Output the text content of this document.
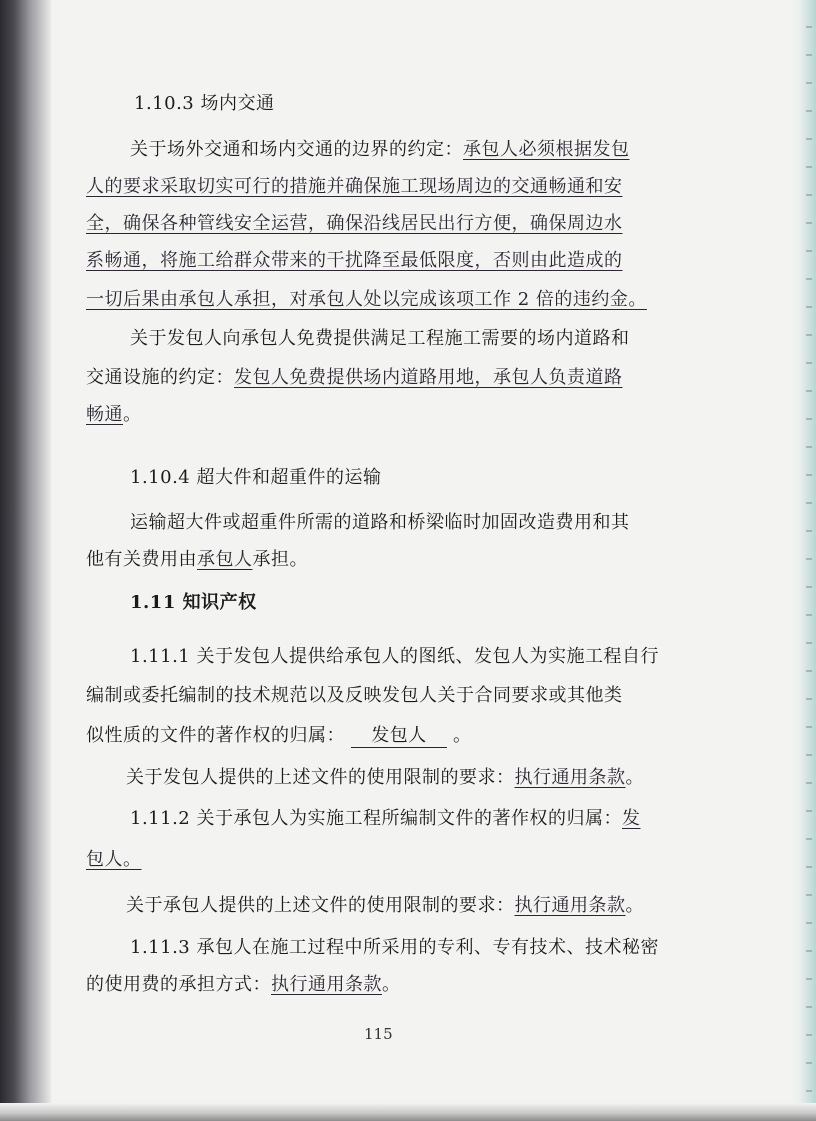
1.10.3 场内交通
关于场外交通和场内交通的边界的约定：承包人必须根据发包
人的要求采取切实可行的措施并确保施工现场周边的交通畅通和安
全，确保各种管线安全运营，确保沿线居民出行方便，确保周边水
系畅通，将施工给群众带来的干扰降至最低限度，否则由此造成的
一切后果由承包人承担，对承包人处以完成该项工作 2 倍的违约金。
关于发包人向承包人免费提供满足工程施工需要的场内道路和
交通设施的约定：发包人免费提供场内道路用地，承包人负责道路
畅通。
1.10.4 超大件和超重件的运输
运输超大件或超重件所需的道路和桥梁临时加固改造费用和其
他有关费用由承包人承担。
1.11 知识产权
1.11.1 关于发包人提供给承包人的图纸、发包人为实施工程自行
编制或委托编制的技术规范以及反映发包人关于合同要求或其他类
似性质的文件的著作权的归属： 发包人 。
关于发包人提供的上述文件的使用限制的要求：执行通用条款。
1.11.2 关于承包人为实施工程所编制文件的著作权的归属：发
包人。
关于承包人提供的上述文件的使用限制的要求：执行通用条款。
1.11.3 承包人在施工过程中所采用的专利、专有技术、技术秘密
的使用费的承担方式：执行通用条款。
115
